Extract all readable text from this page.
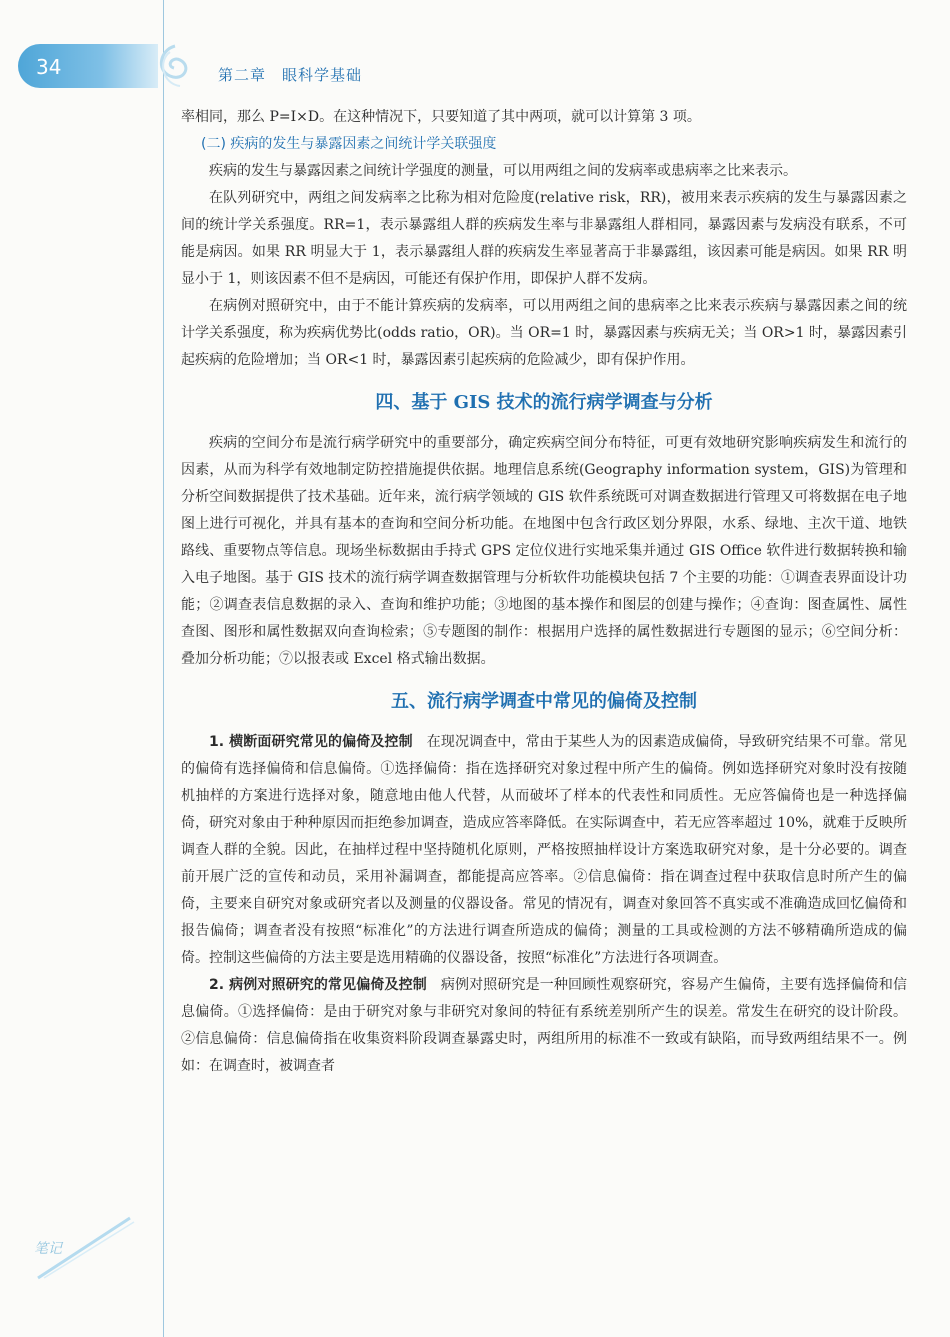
34	第二章　眼科学基础
笔记

率相同，那么 P=I×D。在这种情况下，只要知道了其中两项，就可以计算第 3 项。

(二) 疾病的发生与暴露因素之间统计学关联强度

疾病的发生与暴露因素之间统计学强度的测量，可以用两组之间的发病率或患病率之比来表示。

在队列研究中，两组之间发病率之比称为相对危险度(relative risk，RR)，被用来表示疾病的发生与暴露因素之间的统计学关系强度。RR=1，表示暴露组人群的疾病发生率与非暴露组人群相同，暴露因素与发病没有联系，不可能是病因。如果 RR 明显大于 1，表示暴露组人群的疾病发生率显著高于非暴露组，该因素可能是病因。如果 RR 明显小于 1，则该因素不但不是病因，可能还有保护作用，即保护人群不发病。

在病例对照研究中，由于不能计算疾病的发病率，可以用两组之间的患病率之比来表示疾病与暴露因素之间的统计学关系强度，称为疾病优势比(odds ratio，OR)。当 OR=1 时，暴露因素与疾病无关；当 OR>1 时，暴露因素引起疾病的危险增加；当 OR<1 时，暴露因素引起疾病的危险减少，即有保护作用。

四、基于 GIS 技术的流行病学调查与分析

疾病的空间分布是流行病学研究中的重要部分，确定疾病空间分布特征，可更有效地研究影响疾病发生和流行的因素，从而为科学有效地制定防控措施提供依据。地理信息系统(Geography information system，GIS)为管理和分析空间数据提供了技术基础。近年来，流行病学领域的 GIS 软件系统既可对调查数据进行管理又可将数据在电子地图上进行可视化，并具有基本的查询和空间分析功能。在地图中包含行政区划分界限，水系、绿地、主次干道、地铁路线、重要物点等信息。现场坐标数据由手持式 GPS 定位仪进行实地采集并通过 GIS Office 软件进行数据转换和输入电子地图。基于 GIS 技术的流行病学调查数据管理与分析软件功能模块包括 7 个主要的功能：①调查表界面设计功能；②调查表信息数据的录入、查询和维护功能；③地图的基本操作和图层的创建与操作；④查询：图查属性、属性查图、图形和属性数据双向查询检索；⑤专题图的制作：根据用户选择的属性数据进行专题图的显示；⑥空间分析：叠加分析功能；⑦以报表或 Excel 格式输出数据。

五、流行病学调查中常见的偏倚及控制

1. 横断面研究常见的偏倚及控制 在现况调查中，常由于某些人为的因素造成偏倚，导致研究结果不可靠。常见的偏倚有选择偏倚和信息偏倚。①选择偏倚：指在选择研究对象过程中所产生的偏倚。例如选择研究对象时没有按随机抽样的方案进行选择对象，随意地由他人代替，从而破坏了样本的代表性和同质性。无应答偏倚也是一种选择偏倚，研究对象由于种种原因而拒绝参加调查，造成应答率降低。在实际调查中，若无应答率超过 10%，就难于反映所调查人群的全貌。因此，在抽样过程中坚持随机化原则，严格按照抽样设计方案选取研究对象，是十分必要的。调查前开展广泛的宣传和动员，采用补漏调查，都能提高应答率。②信息偏倚：指在调查过程中获取信息时所产生的偏倚，主要来自研究对象或研究者以及测量的仪器设备。常见的情况有，调查对象回答不真实或不准确造成回忆偏倚和报告偏倚；调查者没有按照“标准化”的方法进行调查所造成的偏倚；测量的工具或检测的方法不够精确所造成的偏倚。控制这些偏倚的方法主要是选用精确的仪器设备，按照“标准化”方法进行各项调查。

2. 病例对照研究的常见偏倚及控制 病例对照研究是一种回顾性观察研究，容易产生偏倚，主要有选择偏倚和信息偏倚。①选择偏倚：是由于研究对象与非研究对象间的特征有系统差别所产生的误差。常发生在研究的设计阶段。②信息偏倚：信息偏倚指在收集资料阶段调查暴露史时，两组所用的标准不一致或有缺陷，而导致两组结果不一。例如：在调查时，被调查者
